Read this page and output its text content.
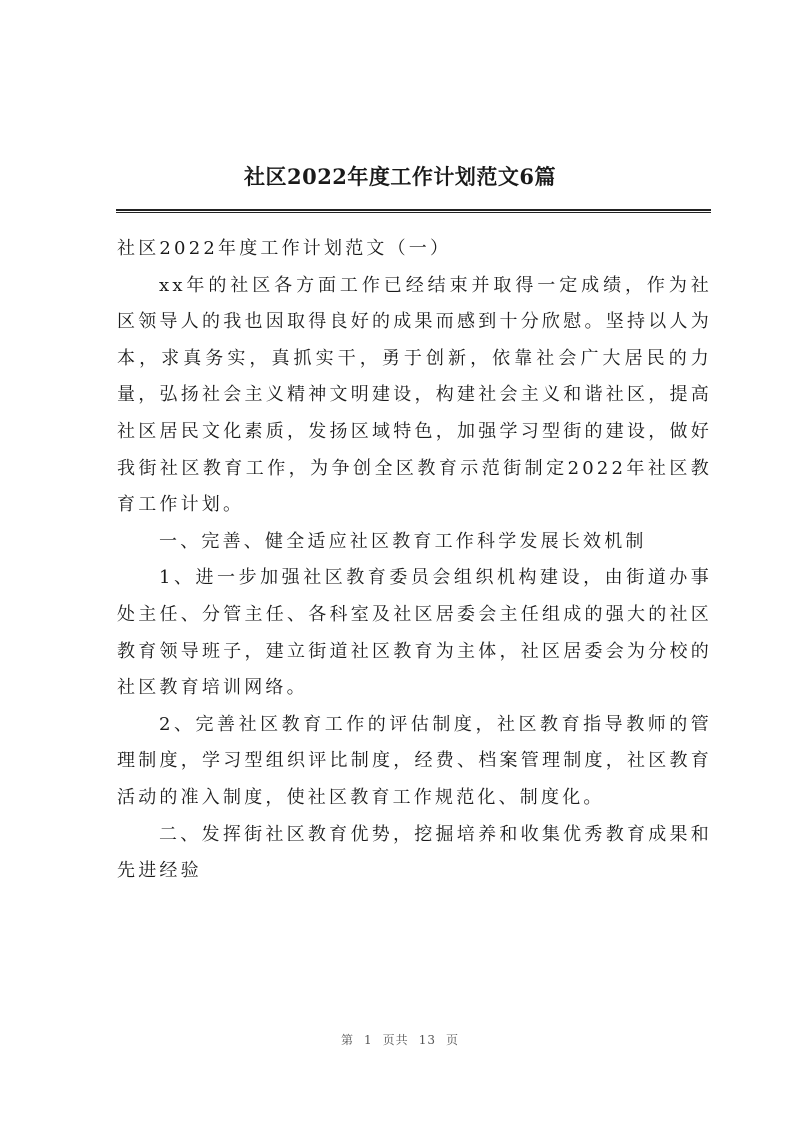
社区2022年度工作计划范文6篇

社区2022年度工作计划范文（一）

xx年的社区各方面工作已经结束并取得一定成绩，作为社区领导人的我也因取得良好的成果而感到十分欣慰。坚持以人为本，求真务实，真抓实干，勇于创新，依靠社会广大居民的力量，弘扬社会主义精神文明建设，构建社会主义和谐社区，提高社区居民文化素质，发扬区域特色，加强学习型街的建设，做好我街社区教育工作，为争创全区教育示范街制定2022年社区教育工作计划。

一、完善、健全适应社区教育工作科学发展长效机制

1、进一步加强社区教育委员会组织机构建设，由街道办事处主任、分管主任、各科室及社区居委会主任组成的强大的社区教育领导班子，建立街道社区教育为主体，社区居委会为分校的社区教育培训网络。

2、完善社区教育工作的评估制度，社区教育指导教师的管理制度，学习型组织评比制度，经费、档案管理制度，社区教育活动的准入制度，使社区教育工作规范化、制度化。

二、发挥街社区教育优势，挖掘培养和收集优秀教育成果和先进经验

第 1 页共 13 页
